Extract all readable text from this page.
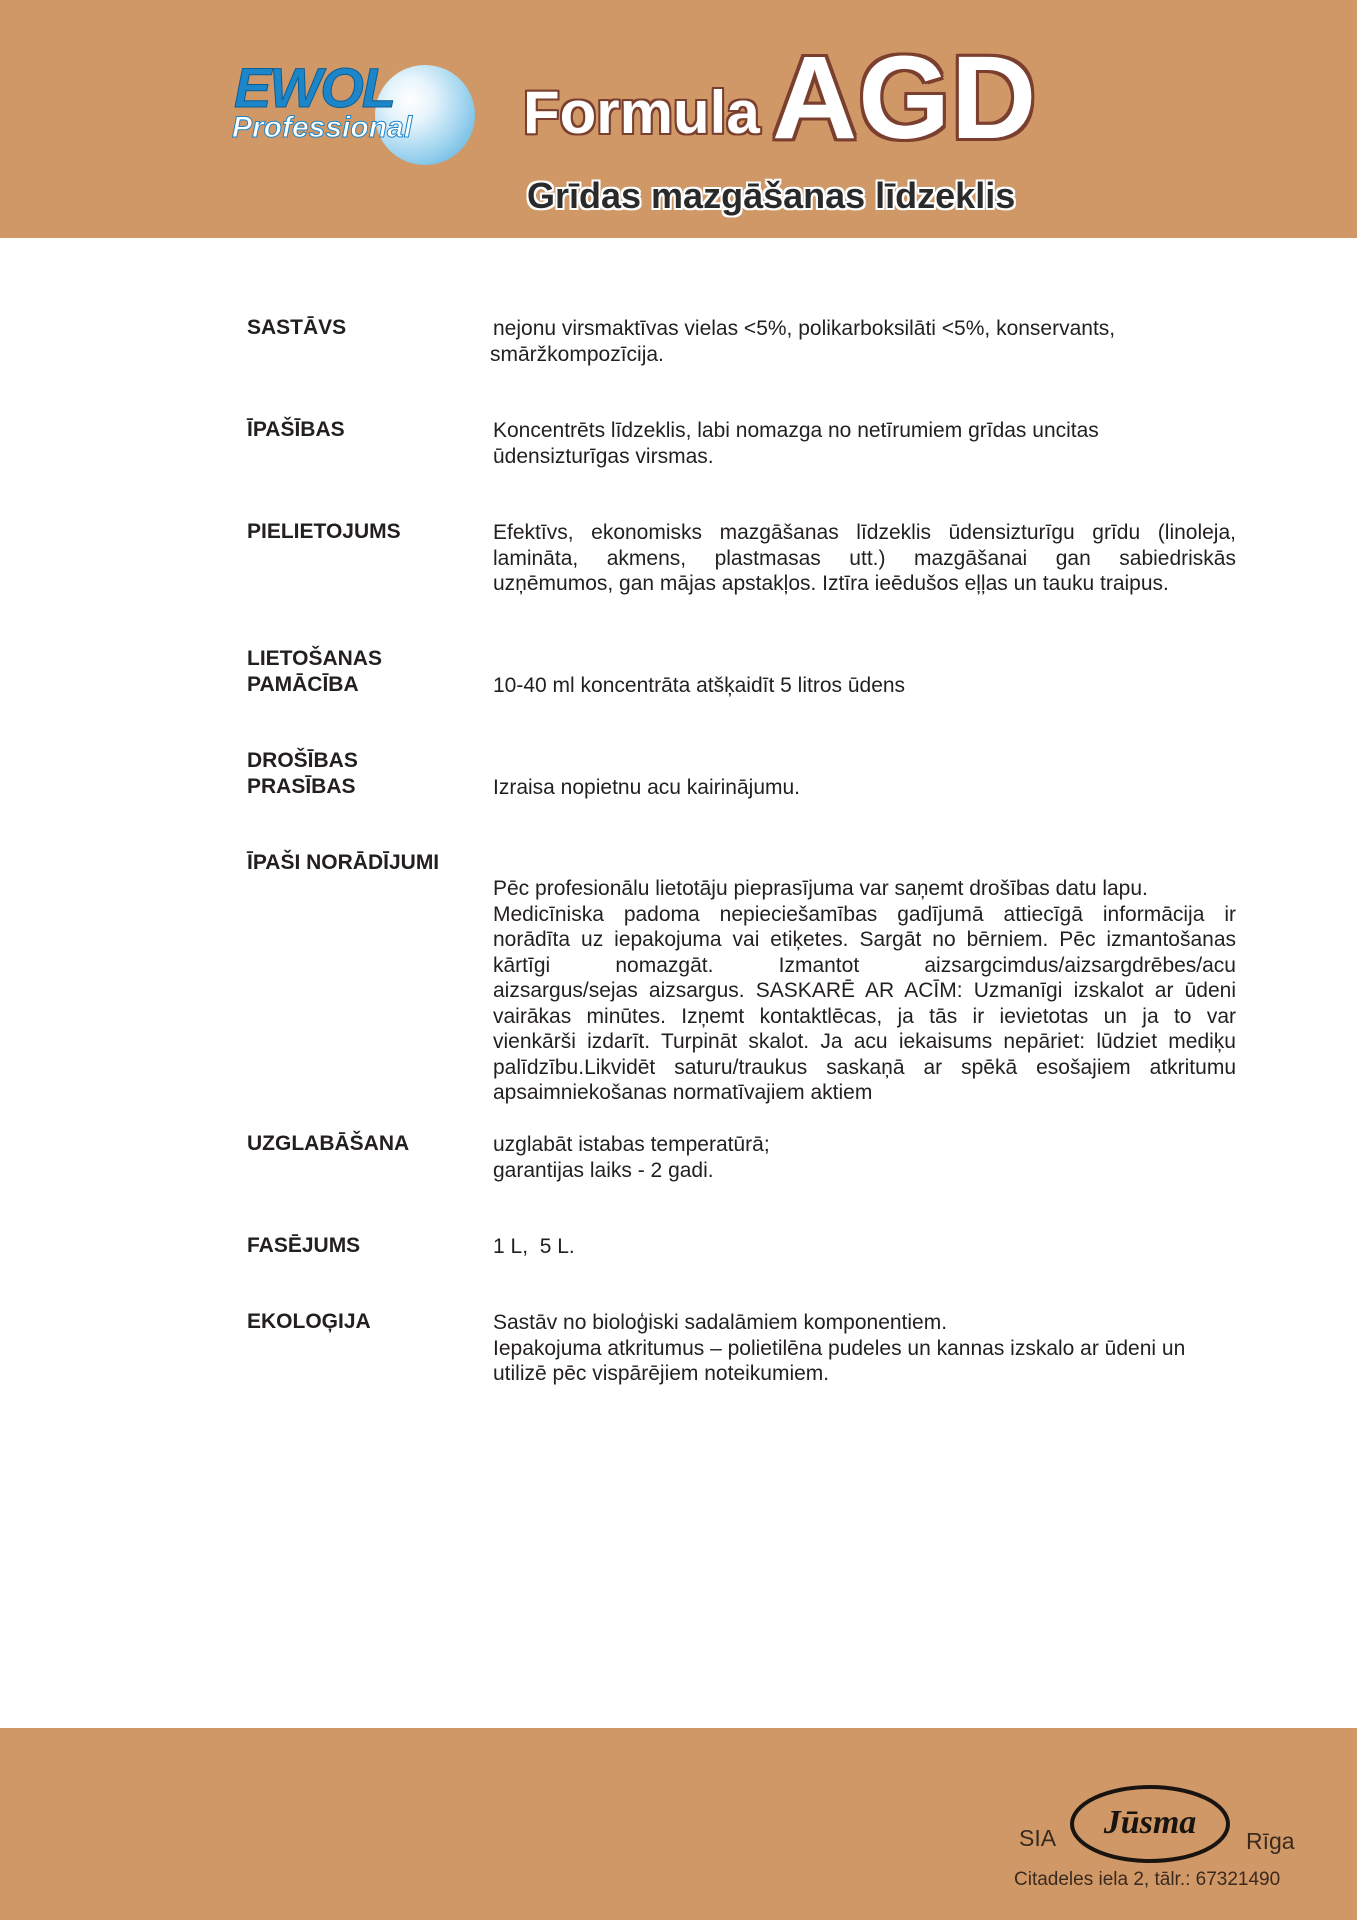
EWOL
Professional Formula AGD
Grīdas mazgāšanas līdzeklis
SASTĀVS	nejonu virsmaktīvas vielas <5%, polikarboksilāti <5%, konservants,
smāržkompozīcija.
ĪPAŠĪBAS	Koncentrēts līdzeklis, labi nomazga no netīrumiem grīdas uncitas
ūdensizturīgas virsmas.
PIELIETOJUMS	Efektīvs, ekonomisks mazgāšanas līdzeklis ūdensizturīgu grīdu (linoleja,
lamināta, akmens, plastmasas utt.) mazgāšanai gan sabiedriskās
uzņēmumos, gan mājas apstakļos. Iztīra ieēdušos eļļas un tauku traipus.
LIETOŠANAS PAMĀCĪBA	10-40 ml koncentrāta atšķaidīt 5 litros ūdens
DROŠĪBAS PRASĪBAS	Izraisa nopietnu acu kairinājumu.
ĪPAŠI NORĀDĪJUMI
Pēc profesionālu lietotāju pieprasījuma var saņemt drošības datu lapu.
Medicīniska padoma nepieciešamības gadījumā attiecīgā informācija ir
norādīta uz iepakojuma vai etiķetes. Sargāt no bērniem. Pēc izmantošanas
kārtīgi nomazgāt. Izmantot aizsargcimdus/aizsargdrēbes/acu
aizsargus/sejas aizsargus. SASKARĒ AR ACĪM: Uzmanīgi izskalot ar ūdeni
vairākas minūtes. Izņemt kontaktlēcas, ja tās ir ievietotas un ja to var
vienkārši izdarīt. Turpināt skalot. Ja acu iekaisums nepāriet: lūdziet mediķu
palīdzību.Likvidēt saturu/traukus saskaņā ar spēkā esošajiem atkritumu
apsaimniekošanas normatīvajiem aktiem
UZGLABĀŠANA	uzglabāt istabas temperatūrā;
garantijas laiks - 2 gadi.
FASĒJUMS	1 L,  5 L.
EKOLOĢIJA	Sastāv no bioloģiski sadalāmiem komponentiem.
Iepakojuma atkritumus – polietilēna pudeles un kannas izskalo ar ūdeni un
utilizē pēc vispārējiem noteikumiem.
SIA Jūsma Rīga
Citadeles iela 2, tālr.: 67321490
